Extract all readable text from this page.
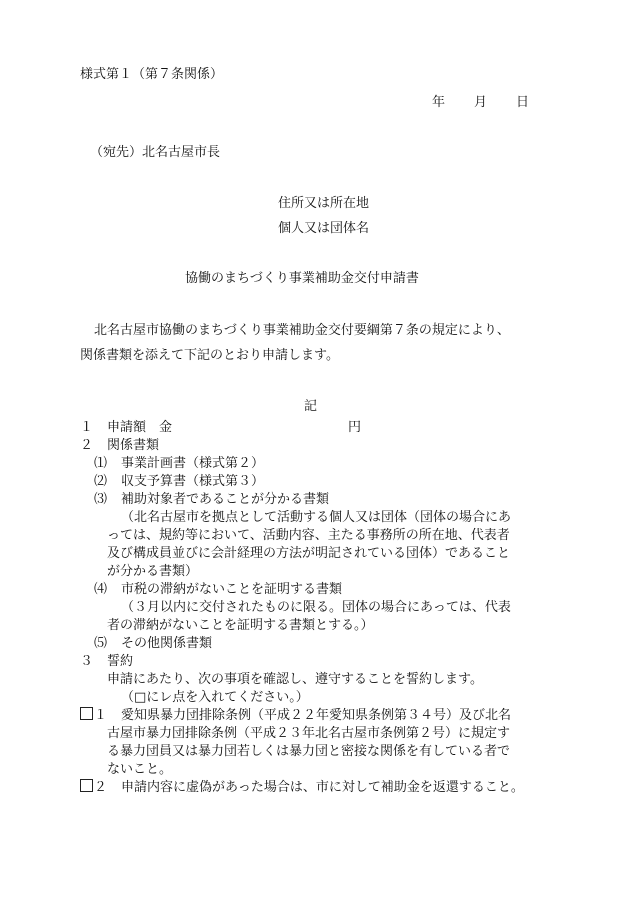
様式第１（第７条関係）
年 月 日
（宛先）北名古屋市長
住所又は所在地
個人又は団体名
協働のまちづくり事業補助金交付申請書
北名古屋市協働のまちづくり事業補助金交付要綱第７条の規定により、
関係書類を添えて下記のとおり申請します。
記
１ 申請額　金	円
２ 関係書類
⑴ 事業計画書（様式第２）
⑵ 収支予算書（様式第３）
⑶ 補助対象者であることが分かる書類
（北名古屋市を拠点として活動する個人又は団体（団体の場合にあ
っては、規約等において、活動内容、主たる事務所の所在地、代表者
及び構成員並びに会計経理の方法が明記されている団体）であること
が分かる書類）
⑷ 市税の滞納がないことを証明する書類
（３月以内に交付されたものに限る。団体の場合にあっては、代表
者の滞納がないことを証明する書類とする。）
⑸ その他関係書類
３ 誓約
申請にあたり、次の事項を確認し、遵守することを誓約します。
（□にレ点を入れてください。）
１ 愛知県暴力団排除条例（平成２２年愛知県条例第３４号）及び北名
古屋市暴力団排除条例（平成２３年北名古屋市条例第２号）に規定す
る暴力団員又は暴力団若しくは暴力団と密接な関係を有している者で
ないこと。
２ 申請内容に虚偽があった場合は、市に対して補助金を返還すること。
